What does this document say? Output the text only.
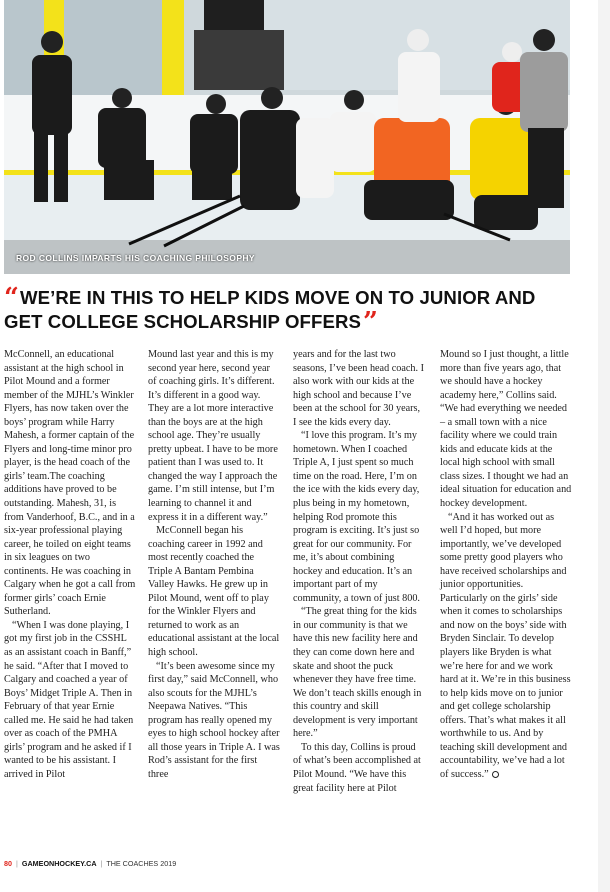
ROD COLLINS IMPARTS HIS COACHING PHILOSOPHY
“ WE’RE IN THIS TO HELP KIDS MOVE ON TO JUNIOR AND GET COLLEGE SCHOLARSHIP OFFERS”

McConnell, an educational assistant at the high school in Pilot Mound and a former member of the MJHL’s Winkler Flyers, has now taken over the boys’ program while Harry Mahesh, a former captain of the Flyers and long-time minor pro player, is the head coach of the girls’ team.The coaching additions have proved to be outstanding. Mahesh, 31, is from Vanderhoof, B.C., and in a six-year professional playing career, he toiled on eight teams in six leagues on two continents. He was coaching in Calgary when he got a call from former girls’ coach Ernie Sutherland.

“When I was done playing, I got my first job in the CSSHL as an assistant coach in Banff,” he said. “After that I moved to Calgary and coached a year of Boys’ Midget Triple A. Then in February of that year Ernie called me. He said he had taken over as coach of the PMHA girls’ program and he asked if I wanted to be his assistant. I arrived in Pilot

Mound last year and this is my second year here, second year of coaching girls. It’s different. It’s different in a good way. They are a lot more interactive than the boys are at the high school age. They’re usually pretty upbeat. I have to be more patient than I was used to. It changed the way I approach the game. I’m still intense, but I’m learning to channel it and express it in a different way.”

McConnell began his coaching career in 1992 and most recently coached the Triple A Bantam Pembina Valley Hawks. He grew up in Pilot Mound, went off to play for the Winkler Flyers and returned to work as an educational assistant at the local high school.

“It’s been awesome since my first day,” said McConnell, who also scouts for the MJHL’s Neepawa Natives. “This program has really opened my eyes to high school hockey after all those years in Triple A. I was Rod’s assistant for the first three

years and for the last two seasons, I’ve been head coach. I also work with our kids at the high school and because I’ve been at the school for 30 years, I see the kids every day.

“I love this program. It’s my hometown. When I coached Triple A, I just spent so much time on the road. Here, I’m on the ice with the kids every day, plus being in my hometown, helping Rod promote this program is exciting. It’s just so great for our community. For me, it’s about combining hockey and education. It’s an important part of my community, a town of just 800.

“The great thing for the kids in our community is that we have this new facility here and they can come down here and skate and shoot the puck whenever they have free time. We don’t teach skills enough in this country and skill development is very important here.”

To this day, Collins is proud of what’s been accomplished at Pilot Mound. “We have this great facility here at Pilot

Mound so I just thought, a little more than five years ago, that we should have a hockey academy here,” Collins said. “We had everything we needed – a small town with a nice facility where we could train kids and educate kids at the local high school with small class sizes. I thought we had an ideal situation for education and hockey development.

“And it has worked out as well I’d hoped, but more importantly, we’ve developed some pretty good players who have received scholarships and junior opportunities. Particularly on the girls’ side when it comes to scholarships and now on the boys’ side with Bryden Sinclair. To develop players like Bryden is what we’re here for and we work hard at it. We’re in this business to help kids move on to junior and get college scholarship offers. That’s what makes it all worthwhile to us. And by teaching skill development and accountability, we’ve had a lot of success.”

80 | GAMEONHOCKEY.CA | THE COACHES 2019
